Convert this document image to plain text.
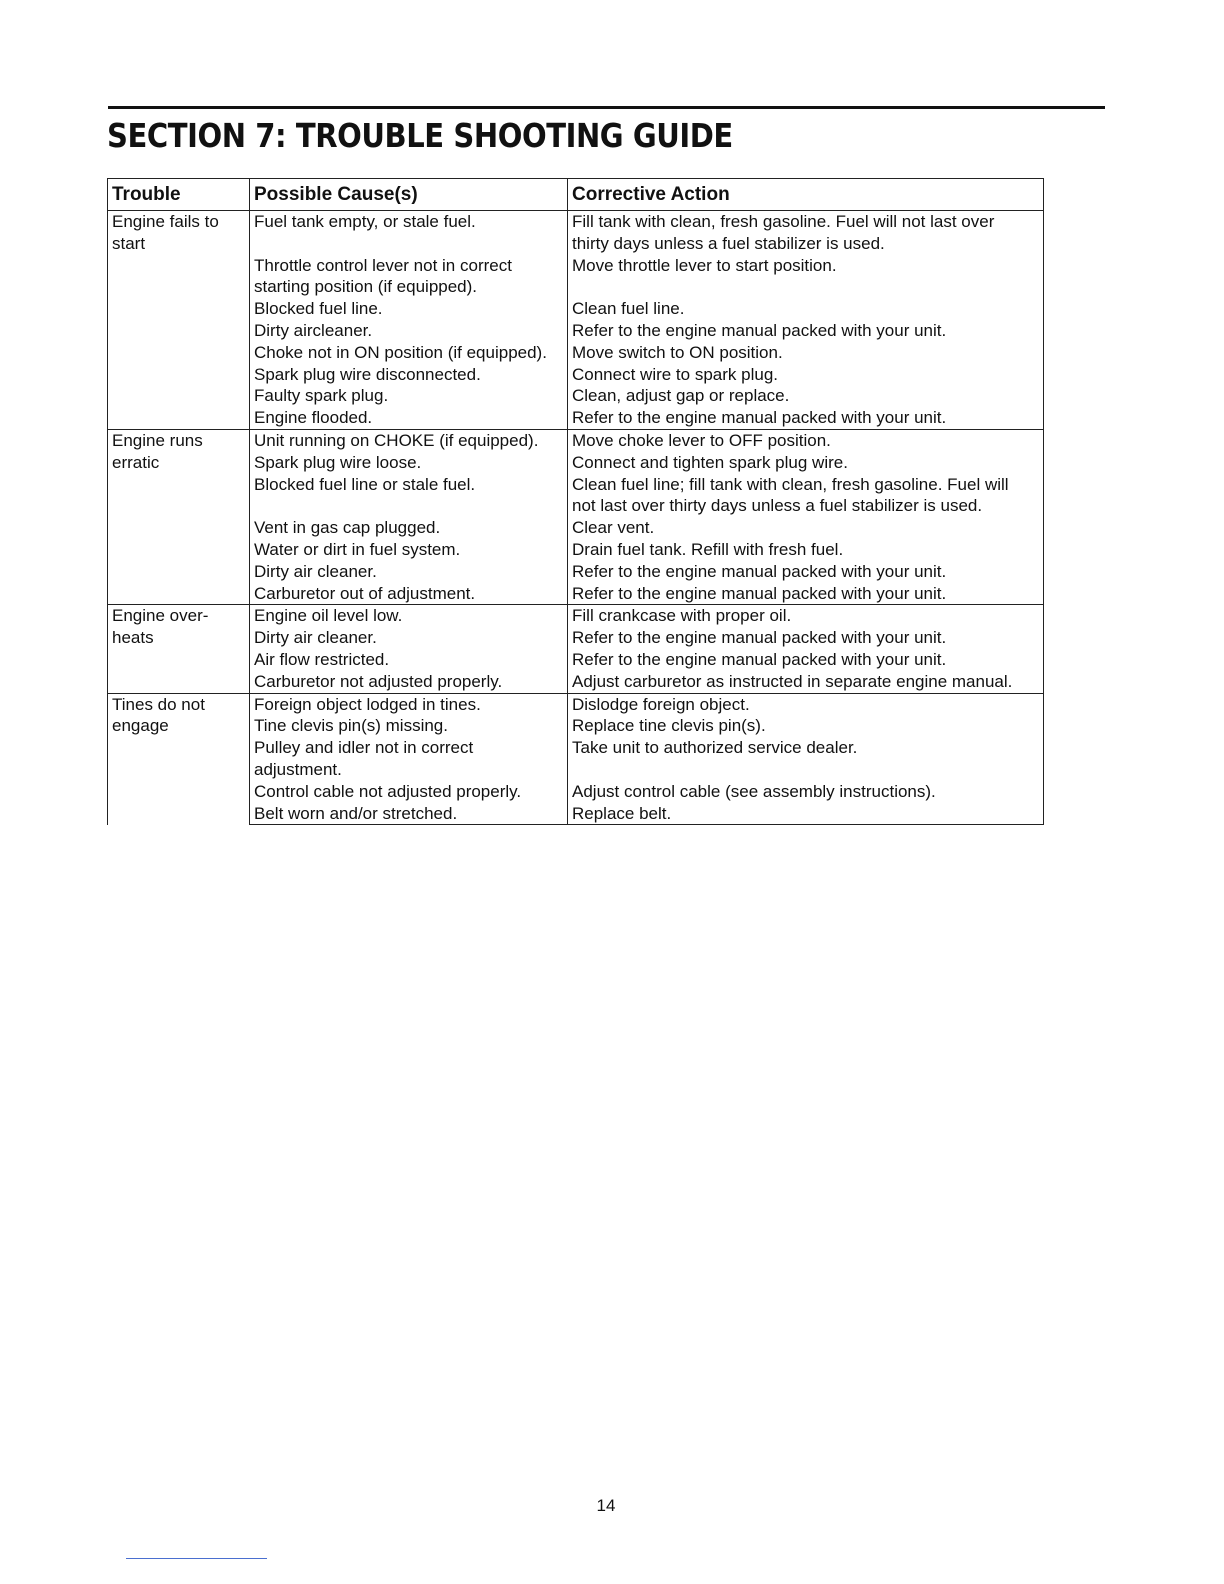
SECTION 7: TROUBLE SHOOTING GUIDE
Trouble	Possible Cause(s)	Corrective Action

Engine fails to
start	Fuel tank empty, or stale fuel.	Fill tank with clean, fresh gasoline. Fuel will not last over
		thirty days unless a fuel stabilizer is used.
	Throttle control lever not in correct	Move throttle lever to start position.
	starting position (if equipped).	
	Blocked fuel line.	Clean fuel line.
	Dirty aircleaner.	Refer to the engine manual packed with your unit.
	Choke not in ON position (if equipped).	Move switch to ON position.
	Spark plug wire disconnected.	Connect wire to spark plug.
	Faulty spark plug.	Clean, adjust gap or replace.
	Engine flooded.	Refer to the engine manual packed with your unit.

Engine runs
erratic	Unit running on CHOKE (if equipped).	Move choke lever to OFF position.
	Spark plug wire loose.	Connect and tighten spark plug wire.
	Blocked fuel line or stale fuel.	Clean fuel line; fill tank with clean, fresh gasoline. Fuel will
		not last over thirty days unless a fuel stabilizer is used.
	Vent in gas cap plugged.	Clear vent.
	Water or dirt in fuel system.	Drain fuel tank. Refill with fresh fuel.
	Dirty air cleaner.	Refer to the engine manual packed with your unit.
	Carburetor out of adjustment.	Refer to the engine manual packed with your unit.

Engine over-
heats	Engine oil level low.	Fill crankcase with proper oil.
	Dirty air cleaner.	Refer to the engine manual packed with your unit.
	Air flow restricted.	Refer to the engine manual packed with your unit.
	Carburetor not adjusted properly.	Adjust carburetor as instructed in separate engine manual.

Tines do not
engage	Foreign object lodged in tines.	Dislodge foreign object.
	Tine clevis pin(s) missing.	Replace tine clevis pin(s).
	Pulley and idler not in correct	Take unit to authorized service dealer.
	adjustment.	
	Control cable not adjusted properly.	Adjust control cable (see assembly instructions).
	Belt worn and/or stretched.	Replace belt.
14
